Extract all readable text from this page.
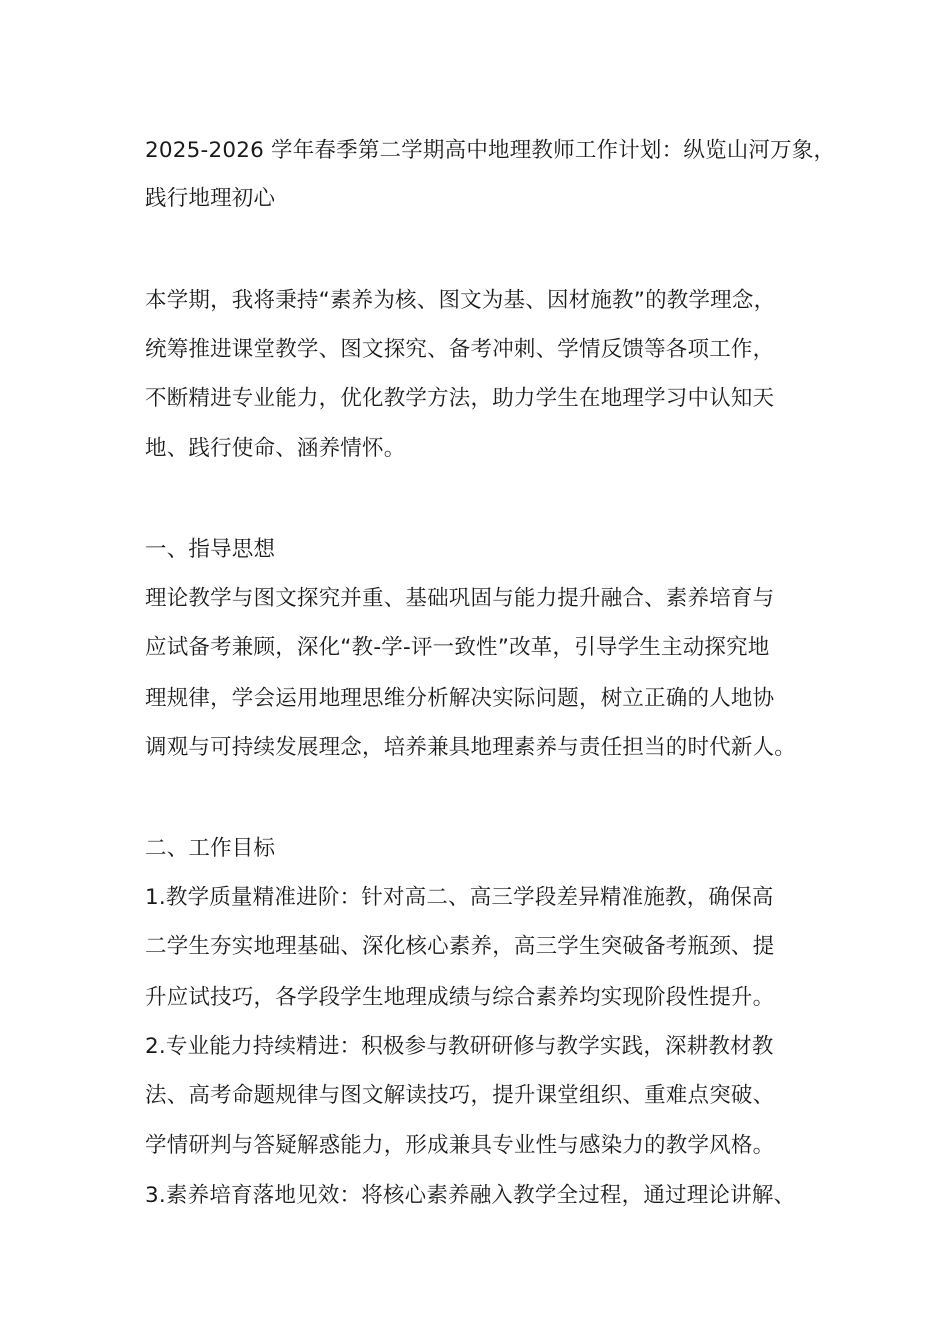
2025-2026 学年春季第二学期高中地理教师工作计划：纵览山河万象，
践行地理初心
本学期，我将秉持“素养为核、图文为基、因材施教”的教学理念，
统筹推进课堂教学、图文探究、备考冲刺、学情反馈等各项工作，
不断精进专业能力，优化教学方法，助力学生在地理学习中认知天
地、践行使命、涵养情怀。
一、指导思想
理论教学与图文探究并重、基础巩固与能力提升融合、素养培育与
应试备考兼顾，深化“教-学-评一致性”改革，引导学生主动探究地
理规律，学会运用地理思维分析解决实际问题，树立正确的人地协
调观与可持续发展理念，培养兼具地理素养与责任担当的时代新人。
二、工作目标
1.教学质量精准进阶：针对高二、高三学段差异精准施教，确保高
二学生夯实地理基础、深化核心素养，高三学生突破备考瓶颈、提
升应试技巧，各学段学生地理成绩与综合素养均实现阶段性提升。
2.专业能力持续精进：积极参与教研研修与教学实践，深耕教材教
法、高考命题规律与图文解读技巧，提升课堂组织、重难点突破、
学情研判与答疑解惑能力，形成兼具专业性与感染力的教学风格。
3.素养培育落地见效：将核心素养融入教学全过程，通过理论讲解、
